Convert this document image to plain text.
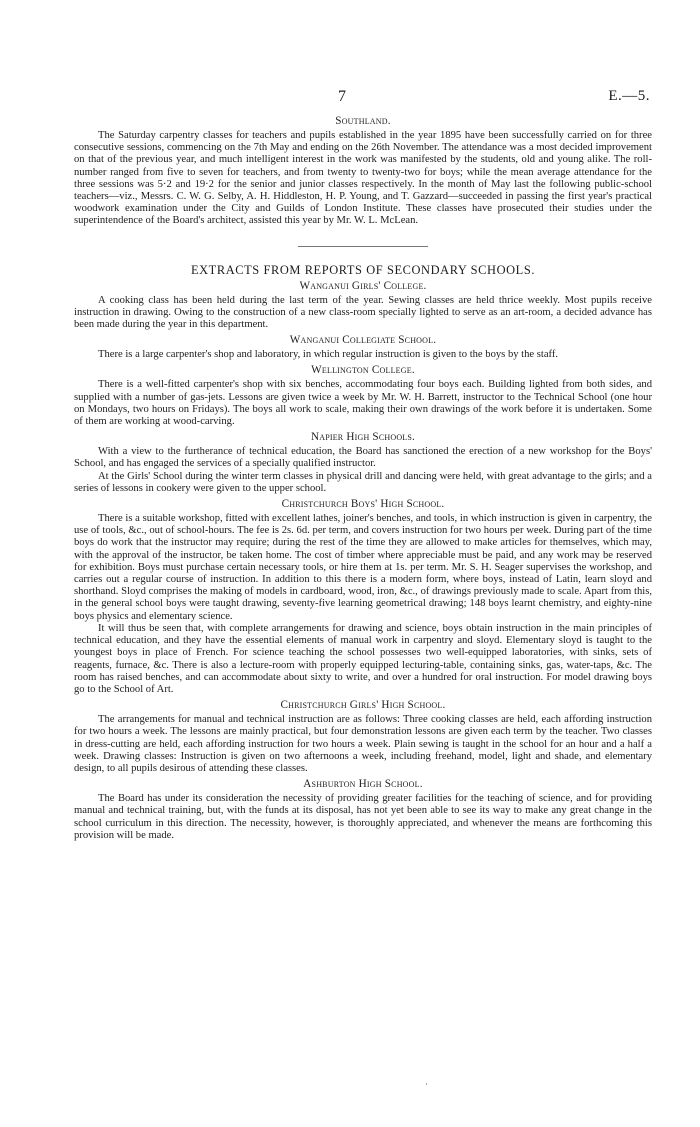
7	E.—5.
Southland.

The Saturday carpentry classes for teachers and pupils established in the year 1895 have been successfully carried on for three consecutive sessions, commencing on the 7th May and ending on the 26th November. The attendance was a most decided improvement on that of the previous year, and much intelligent interest in the work was manifested by the students, old and young alike. The roll-number ranged from five to seven for teachers, and from twenty to twenty-two for boys; while the mean average attendance for the three sessions was 5·2 and 19·2 for the senior and junior classes respectively. In the month of May last the following public-school teachers—viz., Messrs. C. W. G. Selby, A. H. Hiddleston, H. P. Young, and T. Gazzard—succeeded in passing the first year's practical woodwork examination under the City and Guilds of London Institute. These classes have prosecuted their studies under the superintendence of the Board's architect, assisted this year by Mr. W. L. McLean.

EXTRACTS FROM REPORTS OF SECONDARY SCHOOLS.
Wanganui Girls' College.

A cooking class has been held during the last term of the year. Sewing classes are held thrice weekly. Most pupils receive instruction in drawing. Owing to the construction of a new class-room specially lighted to serve as an art-room, a decided advance has been made during the year in this department.

Wanganui Collegiate School.

There is a large carpenter's shop and laboratory, in which regular instruction is given to the boys by the staff.

Wellington College.

There is a well-fitted carpenter's shop with six benches, accommodating four boys each. Building lighted from both sides, and supplied with a number of gas-jets. Lessons are given twice a week by Mr. W. H. Barrett, instructor to the Technical School (one hour on Mondays, two hours on Fridays). The boys all work to scale, making their own drawings of the work before it is undertaken. Some of them are working at wood-carving.

Napier High Schools.

With a view to the furtherance of technical education, the Board has sanctioned the erection of a new workshop for the Boys' School, and has engaged the services of a specially qualified instructor.

At the Girls' School during the winter term classes in physical drill and dancing were held, with great advantage to the girls; and a series of lessons in cookery were given to the upper school.

Christchurch Boys' High School.

There is a suitable workshop, fitted with excellent lathes, joiner's benches, and tools, in which instruction is given in carpentry, the use of tools, &c., out of school-hours. The fee is 2s. 6d. per term, and covers instruction for two hours per week. During part of the time boys do work that the instructor may require; during the rest of the time they are allowed to make articles for themselves, which may, with the approval of the instructor, be taken home. The cost of timber where appreciable must be paid, and any work may be reserved for exhibition. Boys must purchase certain necessary tools, or hire them at 1s. per term. Mr. S. H. Seager supervises the workshop, and carries out a regular course of instruction. In addition to this there is a modern form, where boys, instead of Latin, learn sloyd and shorthand. Sloyd comprises the making of models in cardboard, wood, iron, &c., of drawings previously made to scale. Apart from this, in the general school boys were taught drawing, seventy-five learning geometrical drawing; 148 boys learnt chemistry, and eighty-nine boys physics and elementary science.

It will thus be seen that, with complete arrangements for drawing and science, boys obtain instruction in the main principles of technical education, and they have the essential elements of manual work in carpentry and sloyd. Elementary sloyd is taught to the youngest boys in place of French. For science teaching the school possesses two well-equipped laboratories, with sinks, sets of reagents, furnace, &c. There is also a lecture-room with properly equipped lecturing-table, containing sinks, gas, water-taps, &c. The room has raised benches, and can accommodate about sixty to write, and over a hundred for oral instruction. For model drawing boys go to the School of Art.

Christchurch Girls' High School.

The arrangements for manual and technical instruction are as follows: Three cooking classes are held, each affording instruction for two hours a week. The lessons are mainly practical, but four demonstration lessons are given each term by the teacher. Two classes in dress-cutting are held, each affording instruction for two hours a week. Plain sewing is taught in the school for an hour and a half a week. Drawing classes: Instruction is given on two afternoons a week, including freehand, model, light and shade, and elementary design, to all pupils desirous of attending these classes.

Ashburton High School.

The Board has under its consideration the necessity of providing greater facilities for the teaching of science, and for providing manual and technical training, but, with the funds at its disposal, has not yet been able to see its way to make any great change in the school curriculum in this direction. The necessity, however, is thoroughly appreciated, and whenever the means are forthcoming this provision will be made.

·
